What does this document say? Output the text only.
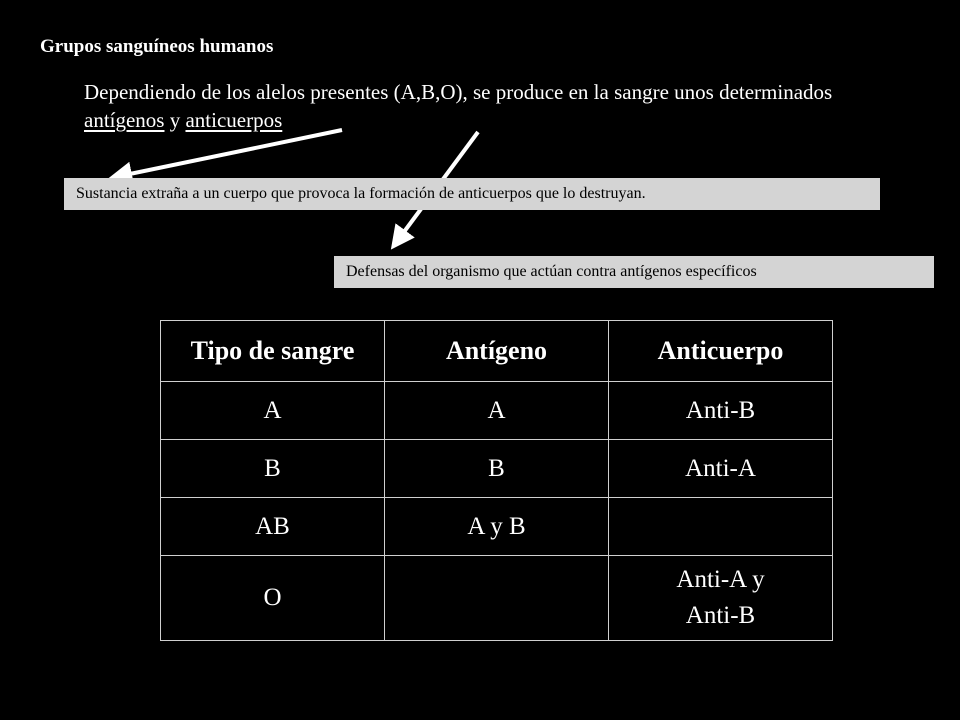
Grupos sanguíneos humanos
Dependiendo de los alelos presentes (A,B,O), se produce en la sangre unos determinados antígenos y anticuerpos
Sustancia extraña a un cuerpo que provoca la formación de anticuerpos que lo destruyan.
Defensas del organismo que actúan contra antígenos específicos
Tipo de sangre	Antígeno	Anticuerpo
A	A	Anti-B
B	B	Anti-A
AB	A y B	
O		Anti-A y
Anti-B
